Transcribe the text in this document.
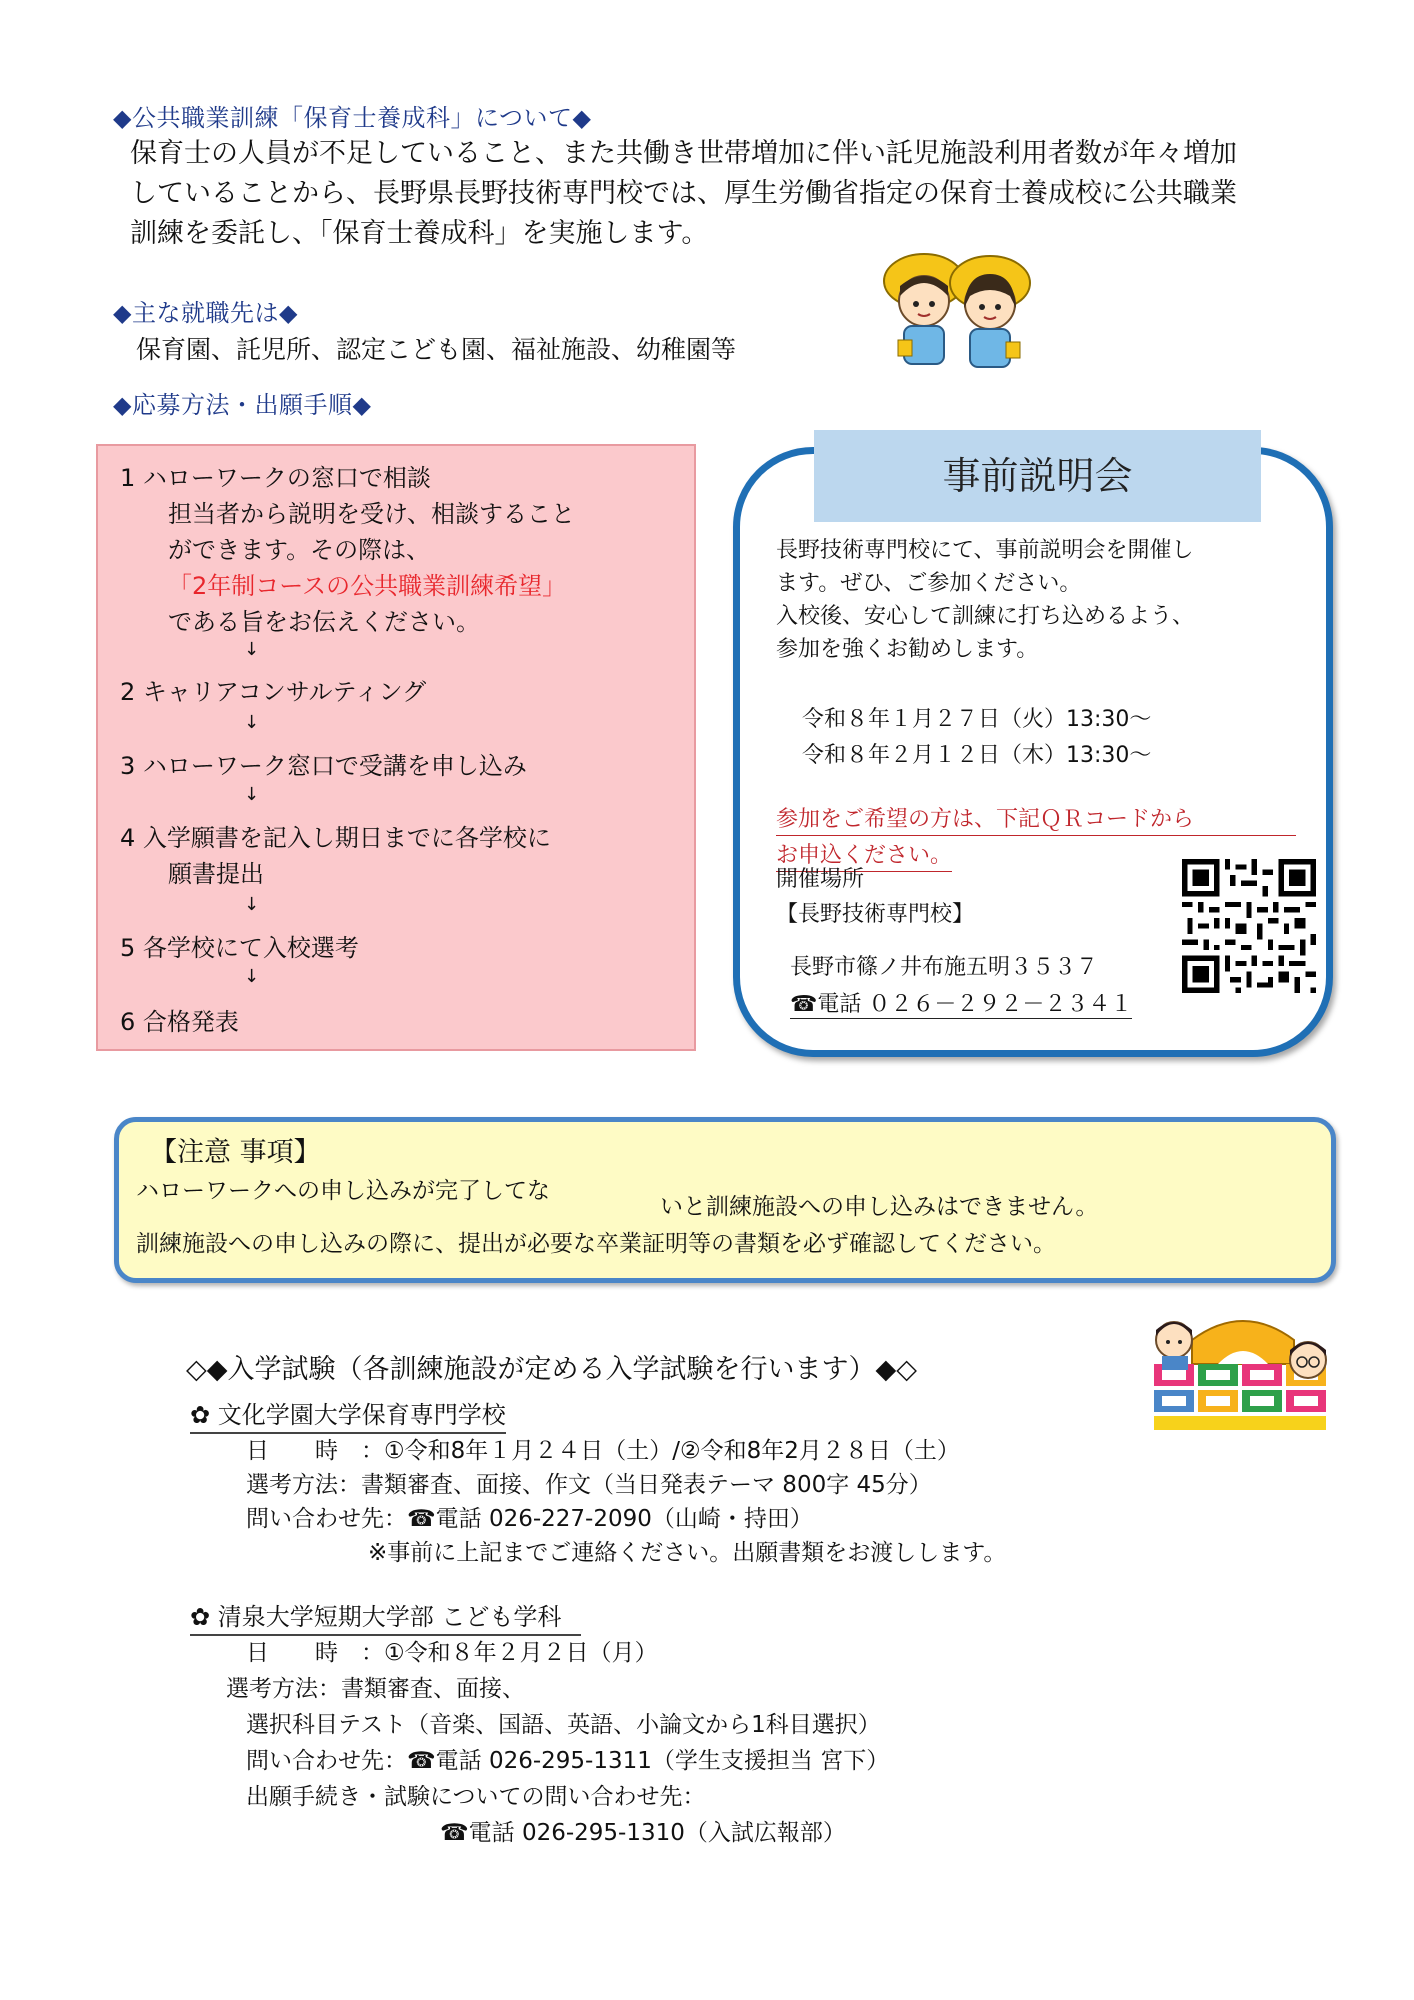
◆公共職業訓練「保育士養成科」について◆
保育士の人員が不足していること、また共働き世帯増加に伴い託児施設利用者数が年々増加
していることから、長野県長野技術専門校では、厚生労働省指定の保育士養成校に公共職業
訓練を委託し、「保育士養成科」を実施します。
◆主な就職先は◆
保育園、託児所、認定こども園、福祉施設、幼稚園等
◆応募方法・出願手順◆
1 ハローワークの窓口で相談
担当者から説明を受け、相談すること
ができます。その際は、
「2年制コースの公共職業訓練希望」
である旨をお伝えください。
↓
2 キャリアコンサルティング
↓
3 ハローワーク窓口で受講を申し込み
↓
4 入学願書を記入し期日までに各学校に
願書提出
↓
5 各学校にて入校選考
↓
6 合格発表
事前説明会
長野技術専門校にて、事前説明会を開催し
ます。ぜひ、ご参加ください。
入校後、安心して訓練に打ち込めるよう、
参加を強くお勧めします。
令和８年１月２７日（火）13:30～
令和８年２月１２日（木）13:30～
参加をご希望の方は、下記ＱＲコードから
お申込ください。
開催場所
【長野技術専門校】
長野市篠ノ井布施五明３５３７
☎電話 ０２６－２９２－２３４１
【注意 事項】
ハローワークへの申し込みが完了してな
いと訓練施設への申し込みはできません。
訓練施設への申し込みの際に、提出が必要な卒業証明等の書類を必ず確認してください。
◇◆入学試験（各訓練施設が定める入学試験を行います）◆◇
✿ 文化学園大学保育専門学校
日　　時　：①令和8年１月２４日（土）/②令和8年2月２８日（土）
選考方法：書類審査、面接、作文（当日発表テーマ 800字 45分）
問い合わせ先：☎電話 026-227-2090（山崎・持田）
※事前に上記までご連絡ください。出願書類をお渡しします。
✿ 清泉大学短期大学部 こども学科
日　　時　：①令和８年２月２日（月）
選考方法：書類審査、面接、
選択科目テスト（音楽、国語、英語、小論文から1科目選択）
問い合わせ先：☎電話 026-295-1311（学生支援担当 宮下）
出願手続き・試験についての問い合わせ先：
☎電話 026-295-1310（入試広報部）
